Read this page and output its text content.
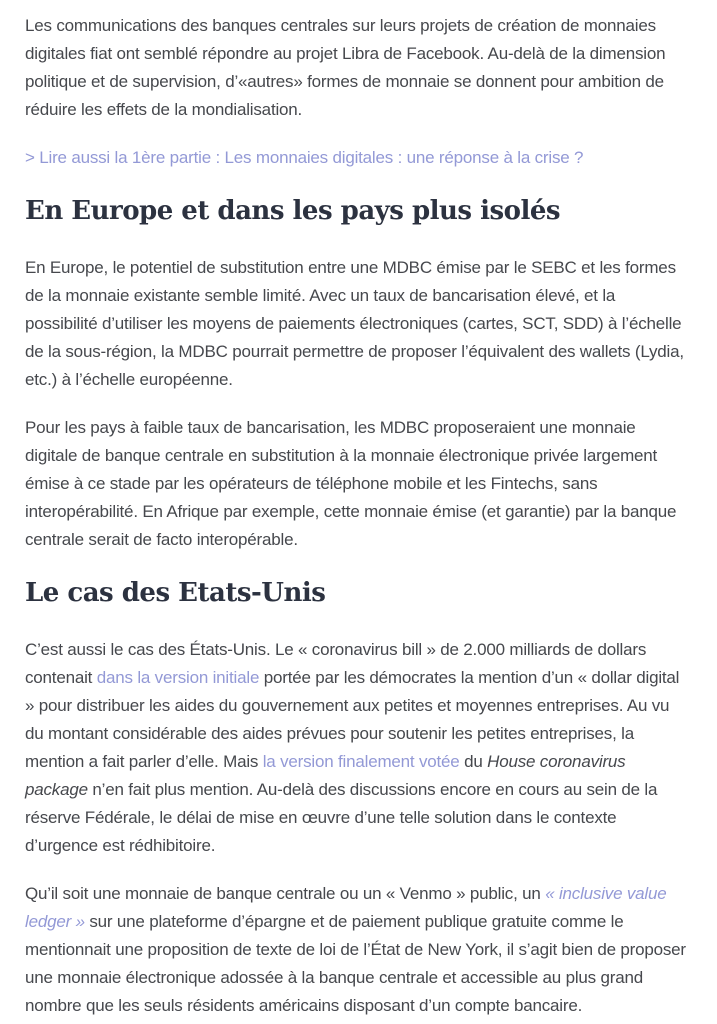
Les communications des banques centrales sur leurs projets de création de monnaies digitales fiat ont semblé répondre au projet Libra de Facebook. Au-delà de la dimension politique et de supervision, d’«autres» formes de monnaie se donnent pour ambition de réduire les effets de la mondialisation.

> Lire aussi la 1ère partie : Les monnaies digitales : une réponse à la crise ?

En Europe et dans les pays plus isolés

En Europe, le potentiel de substitution entre une MDBC émise par le SEBC et les formes de la monnaie existante semble limité. Avec un taux de bancarisation élevé, et la possibilité d’utiliser les moyens de paiements électroniques (cartes, SCT, SDD) à l’échelle de la sous-région, la MDBC pourrait permettre de proposer l’équivalent des wallets (Lydia, etc.) à l’échelle européenne.

Pour les pays à faible taux de bancarisation, les MDBC proposeraient une monnaie digitale de banque centrale en substitution à la monnaie électronique privée largement émise à ce stade par les opérateurs de téléphone mobile et les Fintechs, sans interopérabilité. En Afrique par exemple, cette monnaie émise (et garantie) par la banque centrale serait de facto interopérable.

Le cas des Etats-Unis

C’est aussi le cas des États-Unis. Le « coronavirus bill » de 2.000 milliards de dollars contenait dans la version initiale portée par les démocrates la mention d’un « dollar digital » pour distribuer les aides du gouvernement aux petites et moyennes entreprises. Au vu du montant considérable des aides prévues pour soutenir les petites entreprises, la mention a fait parler d’elle. Mais la version finalement votée du House coronavirus package n’en fait plus mention. Au-delà des discussions encore en cours au sein de la réserve Fédérale, le délai de mise en œuvre d’une telle solution dans le contexte d’urgence est rédhibitoire.

Qu’il soit une monnaie de banque centrale ou un « Venmo » public, un « inclusive value ledger » sur une plateforme d’épargne et de paiement publique gratuite comme le mentionnait une proposition de texte de loi de l’État de New York, il s’agit bien de proposer une monnaie électronique adossée à la banque centrale et accessible au plus grand nombre que les seuls résidents américains disposant d’un compte bancaire.
